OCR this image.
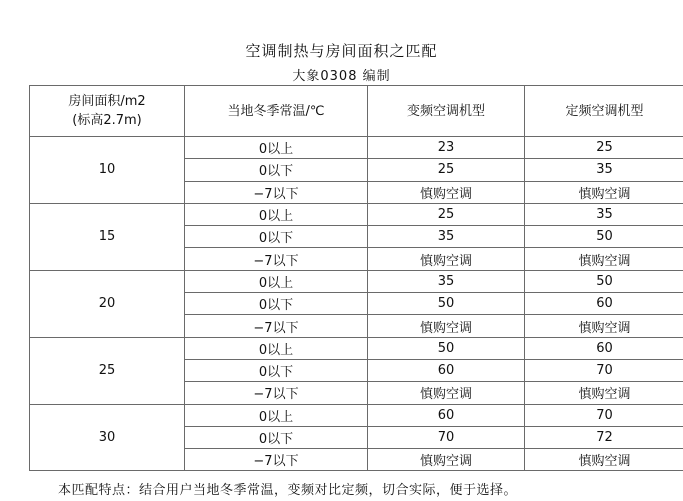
空调制热与房间面积之匹配
大象0308 编制
房间面积/m2
(标高2.7m)	当地冬季常温/℃	变频空调机型	定频空调机型
10	0以上	23	25
	0以下	25	35
	−7以下	慎购空调	慎购空调
15	0以上	25	35
	0以下	35	50
	−7以下	慎购空调	慎购空调
20	0以上	35	50
	0以下	50	60
	−7以下	慎购空调	慎购空调
25	0以上	50	60
	0以下	60	70
	−7以下	慎购空调	慎购空调
30	0以上	60	70
	0以下	70	72
	−7以下	慎购空调	慎购空调
本匹配特点：结合用户当地冬季常温，变频对比定频，切合实际，便于选择。
